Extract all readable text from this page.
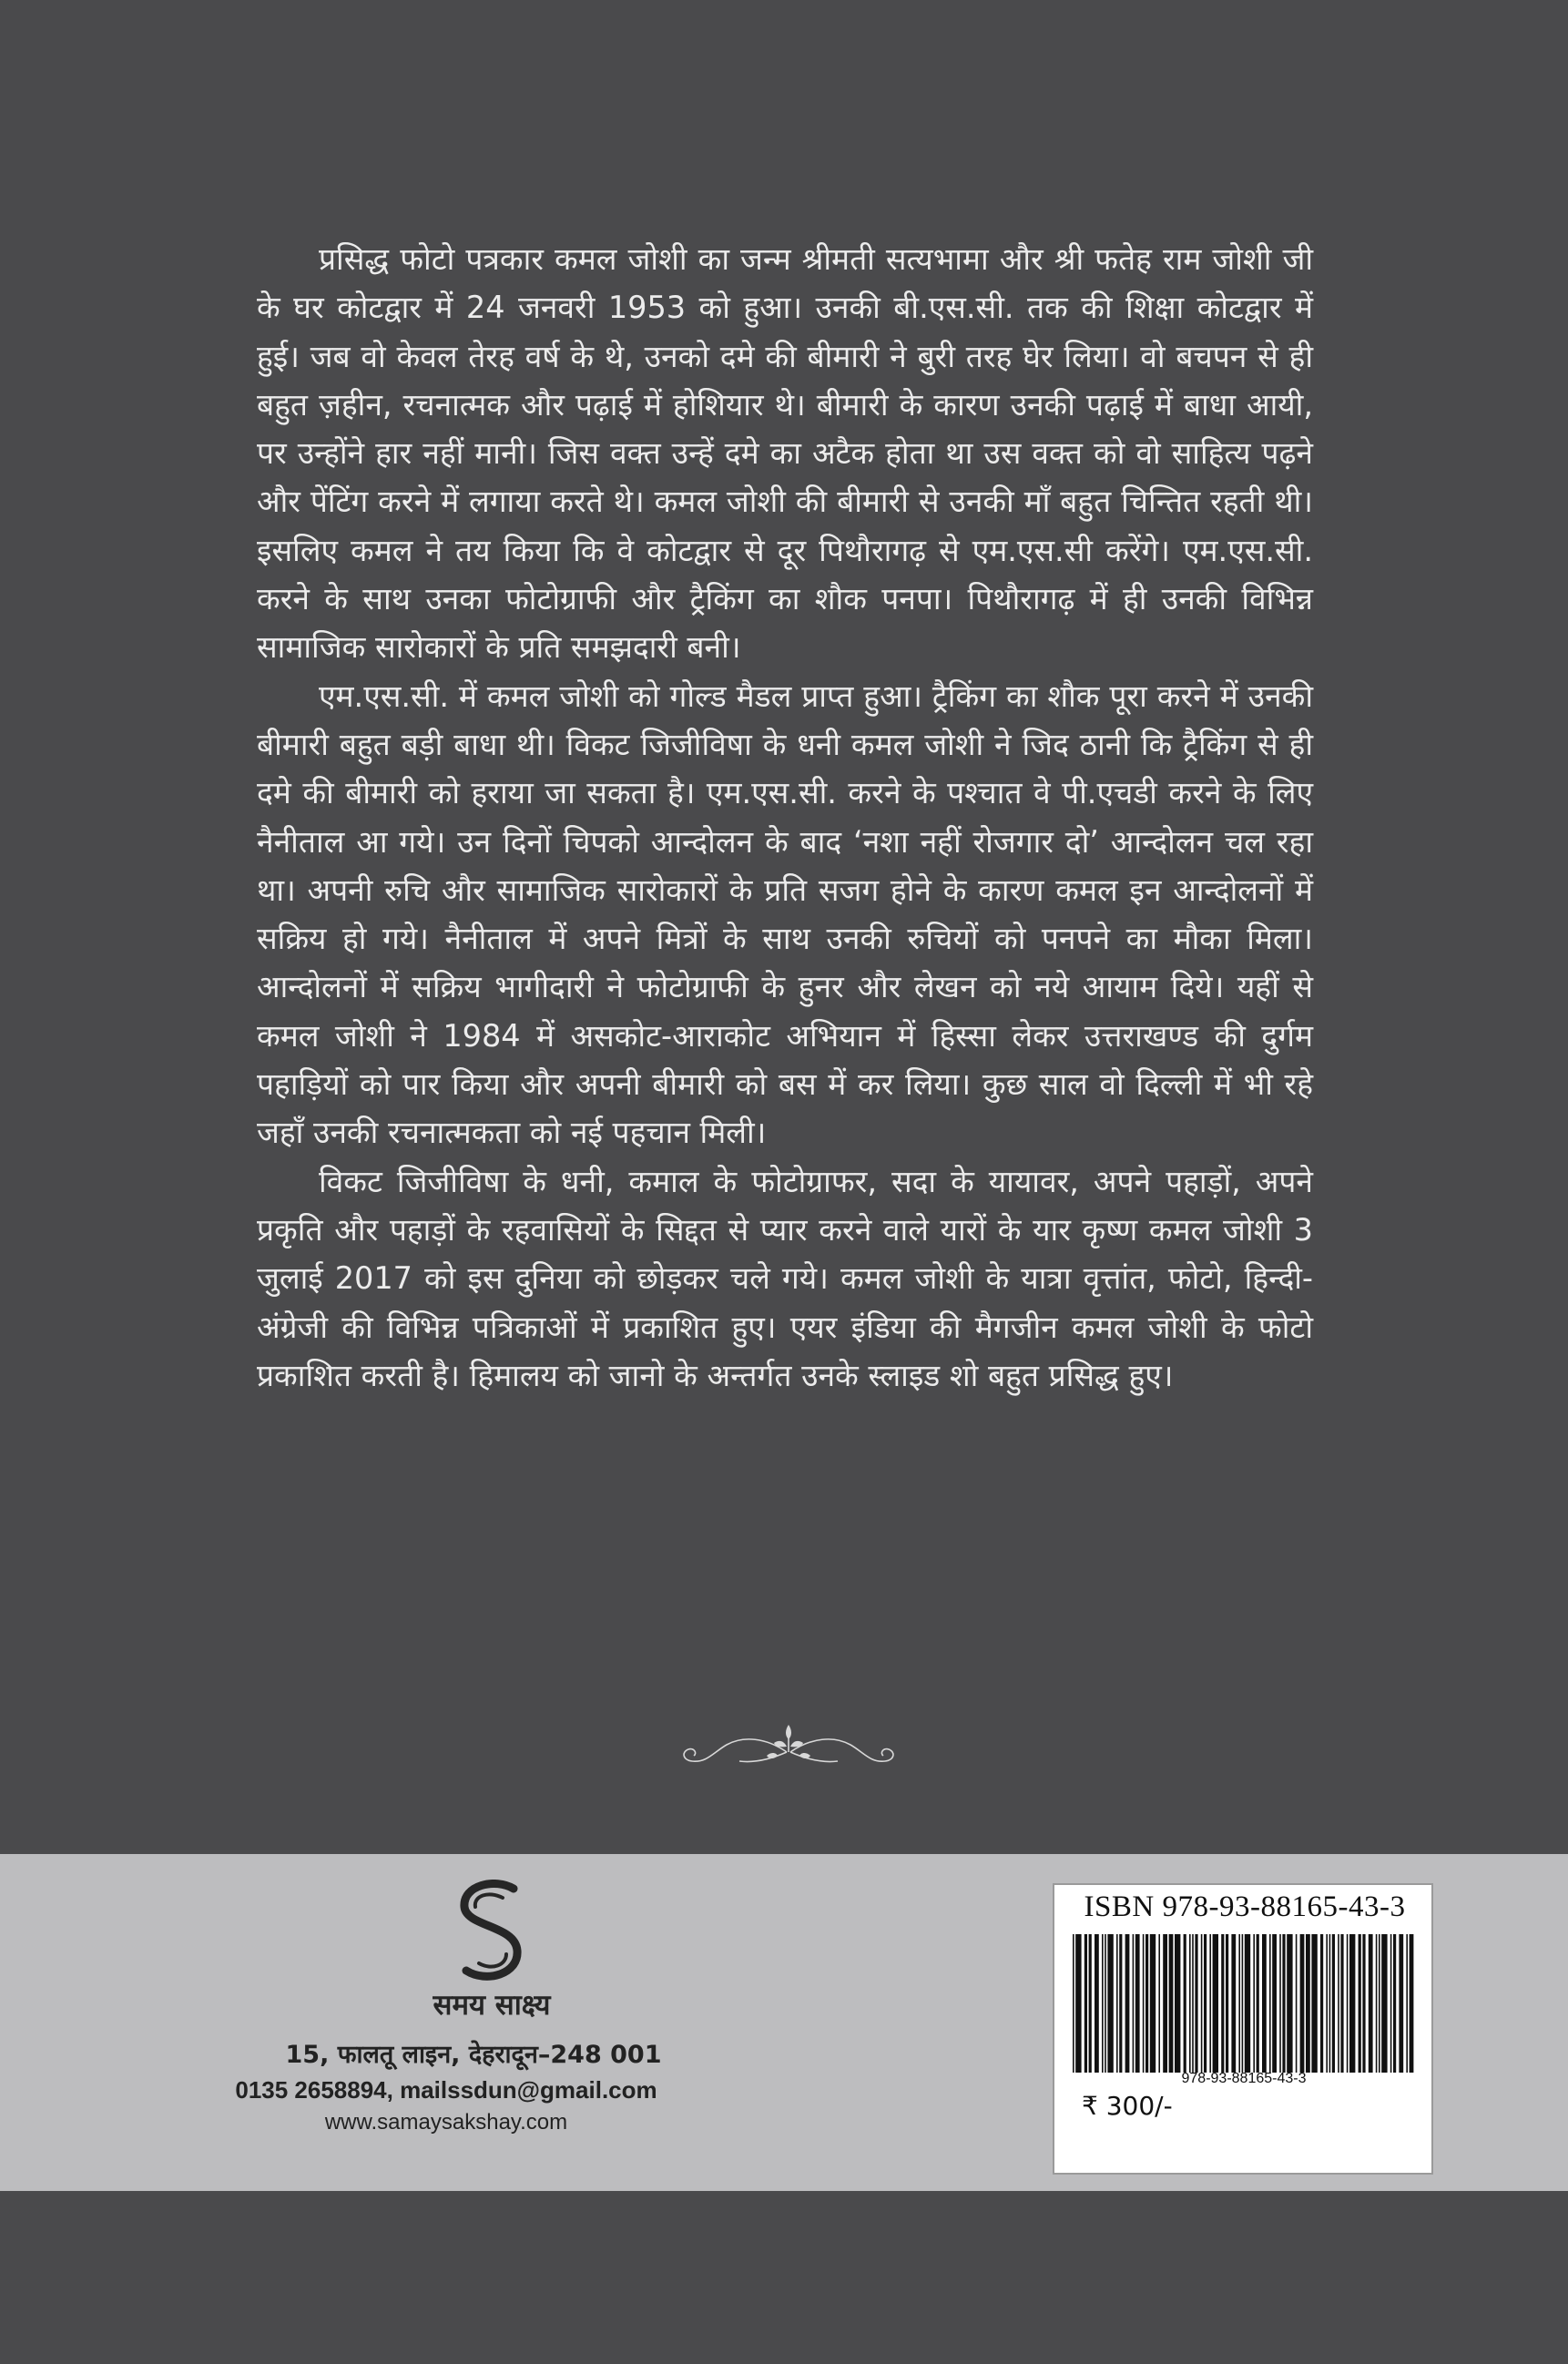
प्रसिद्ध फोटो पत्रकार कमल जोशी का जन्म श्रीमती सत्यभामा और श्री फतेह राम जोशी जी के घर कोटद्वार में 24 जनवरी 1953 को हुआ। उनकी बी.एस.सी. तक की शिक्षा कोटद्वार में हुई। जब वो केवल तेरह वर्ष के थे, उनको दमे की बीमारी ने बुरी तरह घेर लिया। वो बचपन से ही बहुत ज़हीन, रचनात्मक और पढ़ाई में होशियार थे। बीमारी के कारण उनकी पढ़ाई में बाधा आयी, पर उन्होंने हार नहीं मानी। जिस वक्त उन्हें दमे का अटैक होता था उस वक्त को वो साहित्य पढ़ने और पेंटिंग करने में लगाया करते थे। कमल जोशी की बीमारी से उनकी माँ बहुत चिन्तित रहती थी। इसलिए कमल ने तय किया कि वे कोटद्वार से दूर पिथौरागढ़ से एम.एस.सी करेंगे। एम.एस.सी. करने के साथ उनका फोटोग्राफी और ट्रैकिंग का शौक पनपा। पिथौरागढ़ में ही उनकी विभिन्न सामाजिक सारोकारों के प्रति समझदारी बनी।

एम.एस.सी. में कमल जोशी को गोल्ड मैडल प्राप्त हुआ। ट्रैकिंग का शौक पूरा करने में उनकी बीमारी बहुत बड़ी बाधा थी। विकट जिजीविषा के धनी कमल जोशी ने जिद ठानी कि ट्रैकिंग से ही दमे की बीमारी को हराया जा सकता है। एम.एस.सी. करने के पश्चात वे पी.एचडी करने के लिए नैनीताल आ गये। उन दिनों चिपको आन्दोलन के बाद ‘नशा नहीं रोजगार दो’ आन्दोलन चल रहा था। अपनी रुचि और सामाजिक सारोकारों के प्रति सजग होने के कारण कमल इन आन्दोलनों में सक्रिय हो गये। नैनीताल में अपने मित्रों के साथ उनकी रुचियों को पनपने का मौका मिला। आन्दोलनों में सक्रिय भागीदारी ने फोटोग्राफी के हुनर और लेखन को नये आयाम दिये। यहीं से कमल जोशी ने 1984 में असकोट-आराकोट अभियान में हिस्सा लेकर उत्तराखण्ड की दुर्गम पहाड़ियों को पार किया और अपनी बीमारी को बस में कर लिया। कुछ साल वो दिल्ली में भी रहे जहाँ उनकी रचनात्मकता को नई पहचान मिली।

विकट जिजीविषा के धनी, कमाल के फोटोग्राफर, सदा के यायावर, अपने पहाड़ों, अपने प्रकृति और पहाड़ों के रहवासियों के सिद्दत से प्यार करने वाले यारों के यार कृष्ण कमल जोशी 3 जुलाई 2017 को इस दुनिया को छोड़कर चले गये। कमल जोशी के यात्रा वृत्तांत, फोटो, हिन्दी-अंग्रेजी की विभिन्न पत्रिकाओं में प्रकाशित हुए। एयर इंडिया की मैगजीन कमल जोशी के फोटो प्रकाशित करती है। हिमालय को जानो के अन्तर्गत उनके स्लाइड शो बहुत प्रसिद्ध हुए।

समय साक्ष्य
15, फालतू लाइन, देहरादून–248 001
0135 2658894, mailssdun@gmail.com
www.samaysakshay.com
ISBN 978-93-88165-43-3
978-93-88165-43-3
₹ 300/-
